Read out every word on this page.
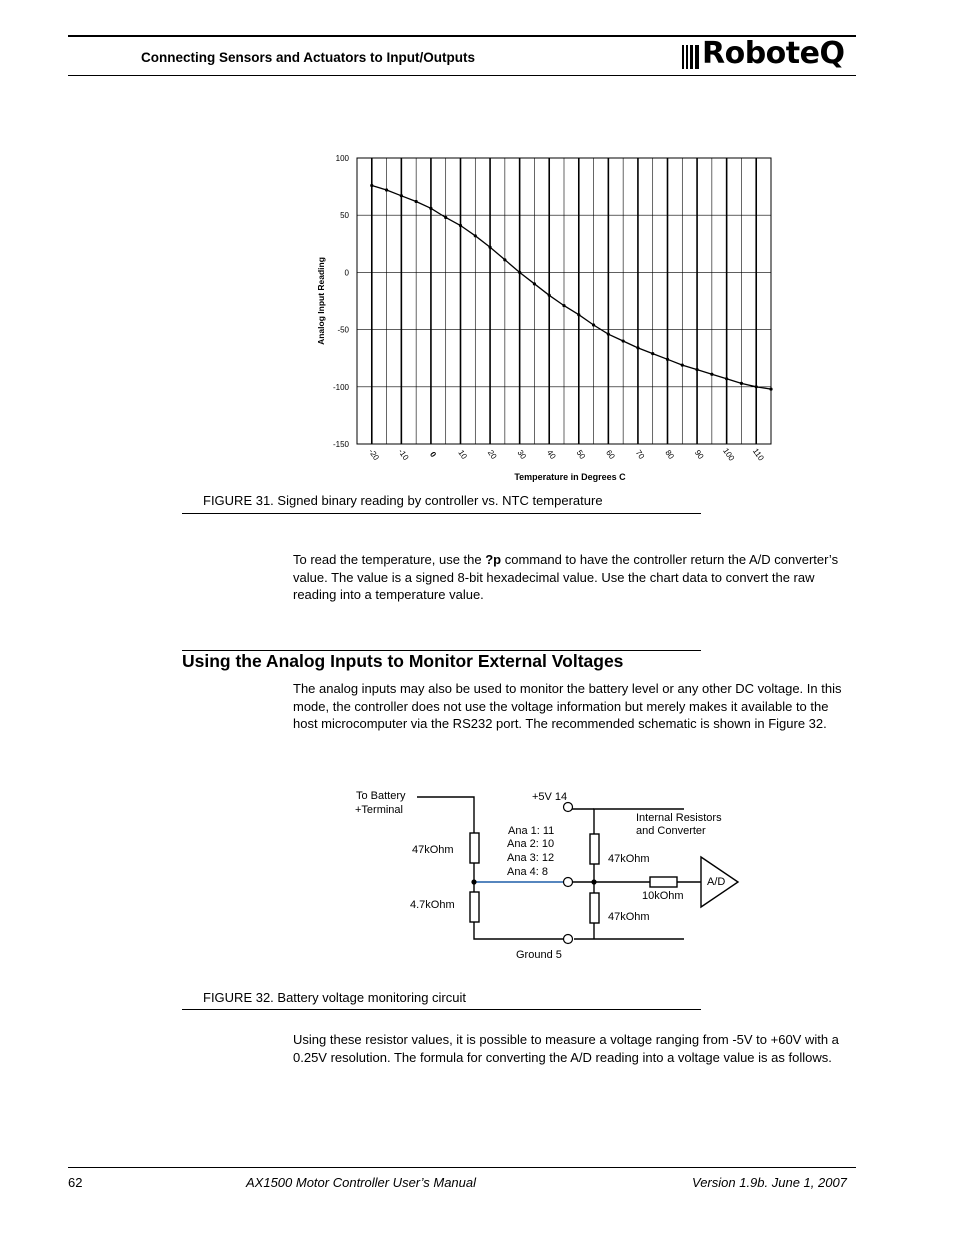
Connecting Sensors and Actuators to Input/Outputs	RoboteQ
100
50
0
-50
-100
-150
-20 -10 0 10 20 30 40 50 60 70 80 90 100 110
Analog Input Reading
Temperature in Degrees C
FIGURE 31. Signed binary reading by controller vs. NTC temperature
To read the temperature, use the ?p command to have the controller return the A/D converter’s value. The value is a signed 8-bit hexadecimal value. Use the chart data to convert the raw reading into a temperature value.
Using the Analog Inputs to Monitor External Voltages
The analog inputs may also be used to monitor the battery level or any other DC voltage. In this mode, the controller does not use the voltage information but merely makes it available to the host microcomputer via the RS232 port. The recommended schematic is shown in Figure 32.
To Battery
+Terminal
47kOhm
4.7kOhm
+5V 14
Ana 1: 11
Ana 2: 10
Ana 3: 12
Ana 4: 8
Internal Resistors
and Converter
47kOhm
47kOhm
10kOhm
A/D
Ground 5
FIGURE 32. Battery voltage monitoring circuit
Using these resistor values, it is possible to measure a voltage ranging from -5V to +60V with a 0.25V resolution. The formula for converting the A/D reading into a voltage value is as follows.
62	AX1500 Motor Controller User’s Manual	Version 1.9b. June 1, 2007
